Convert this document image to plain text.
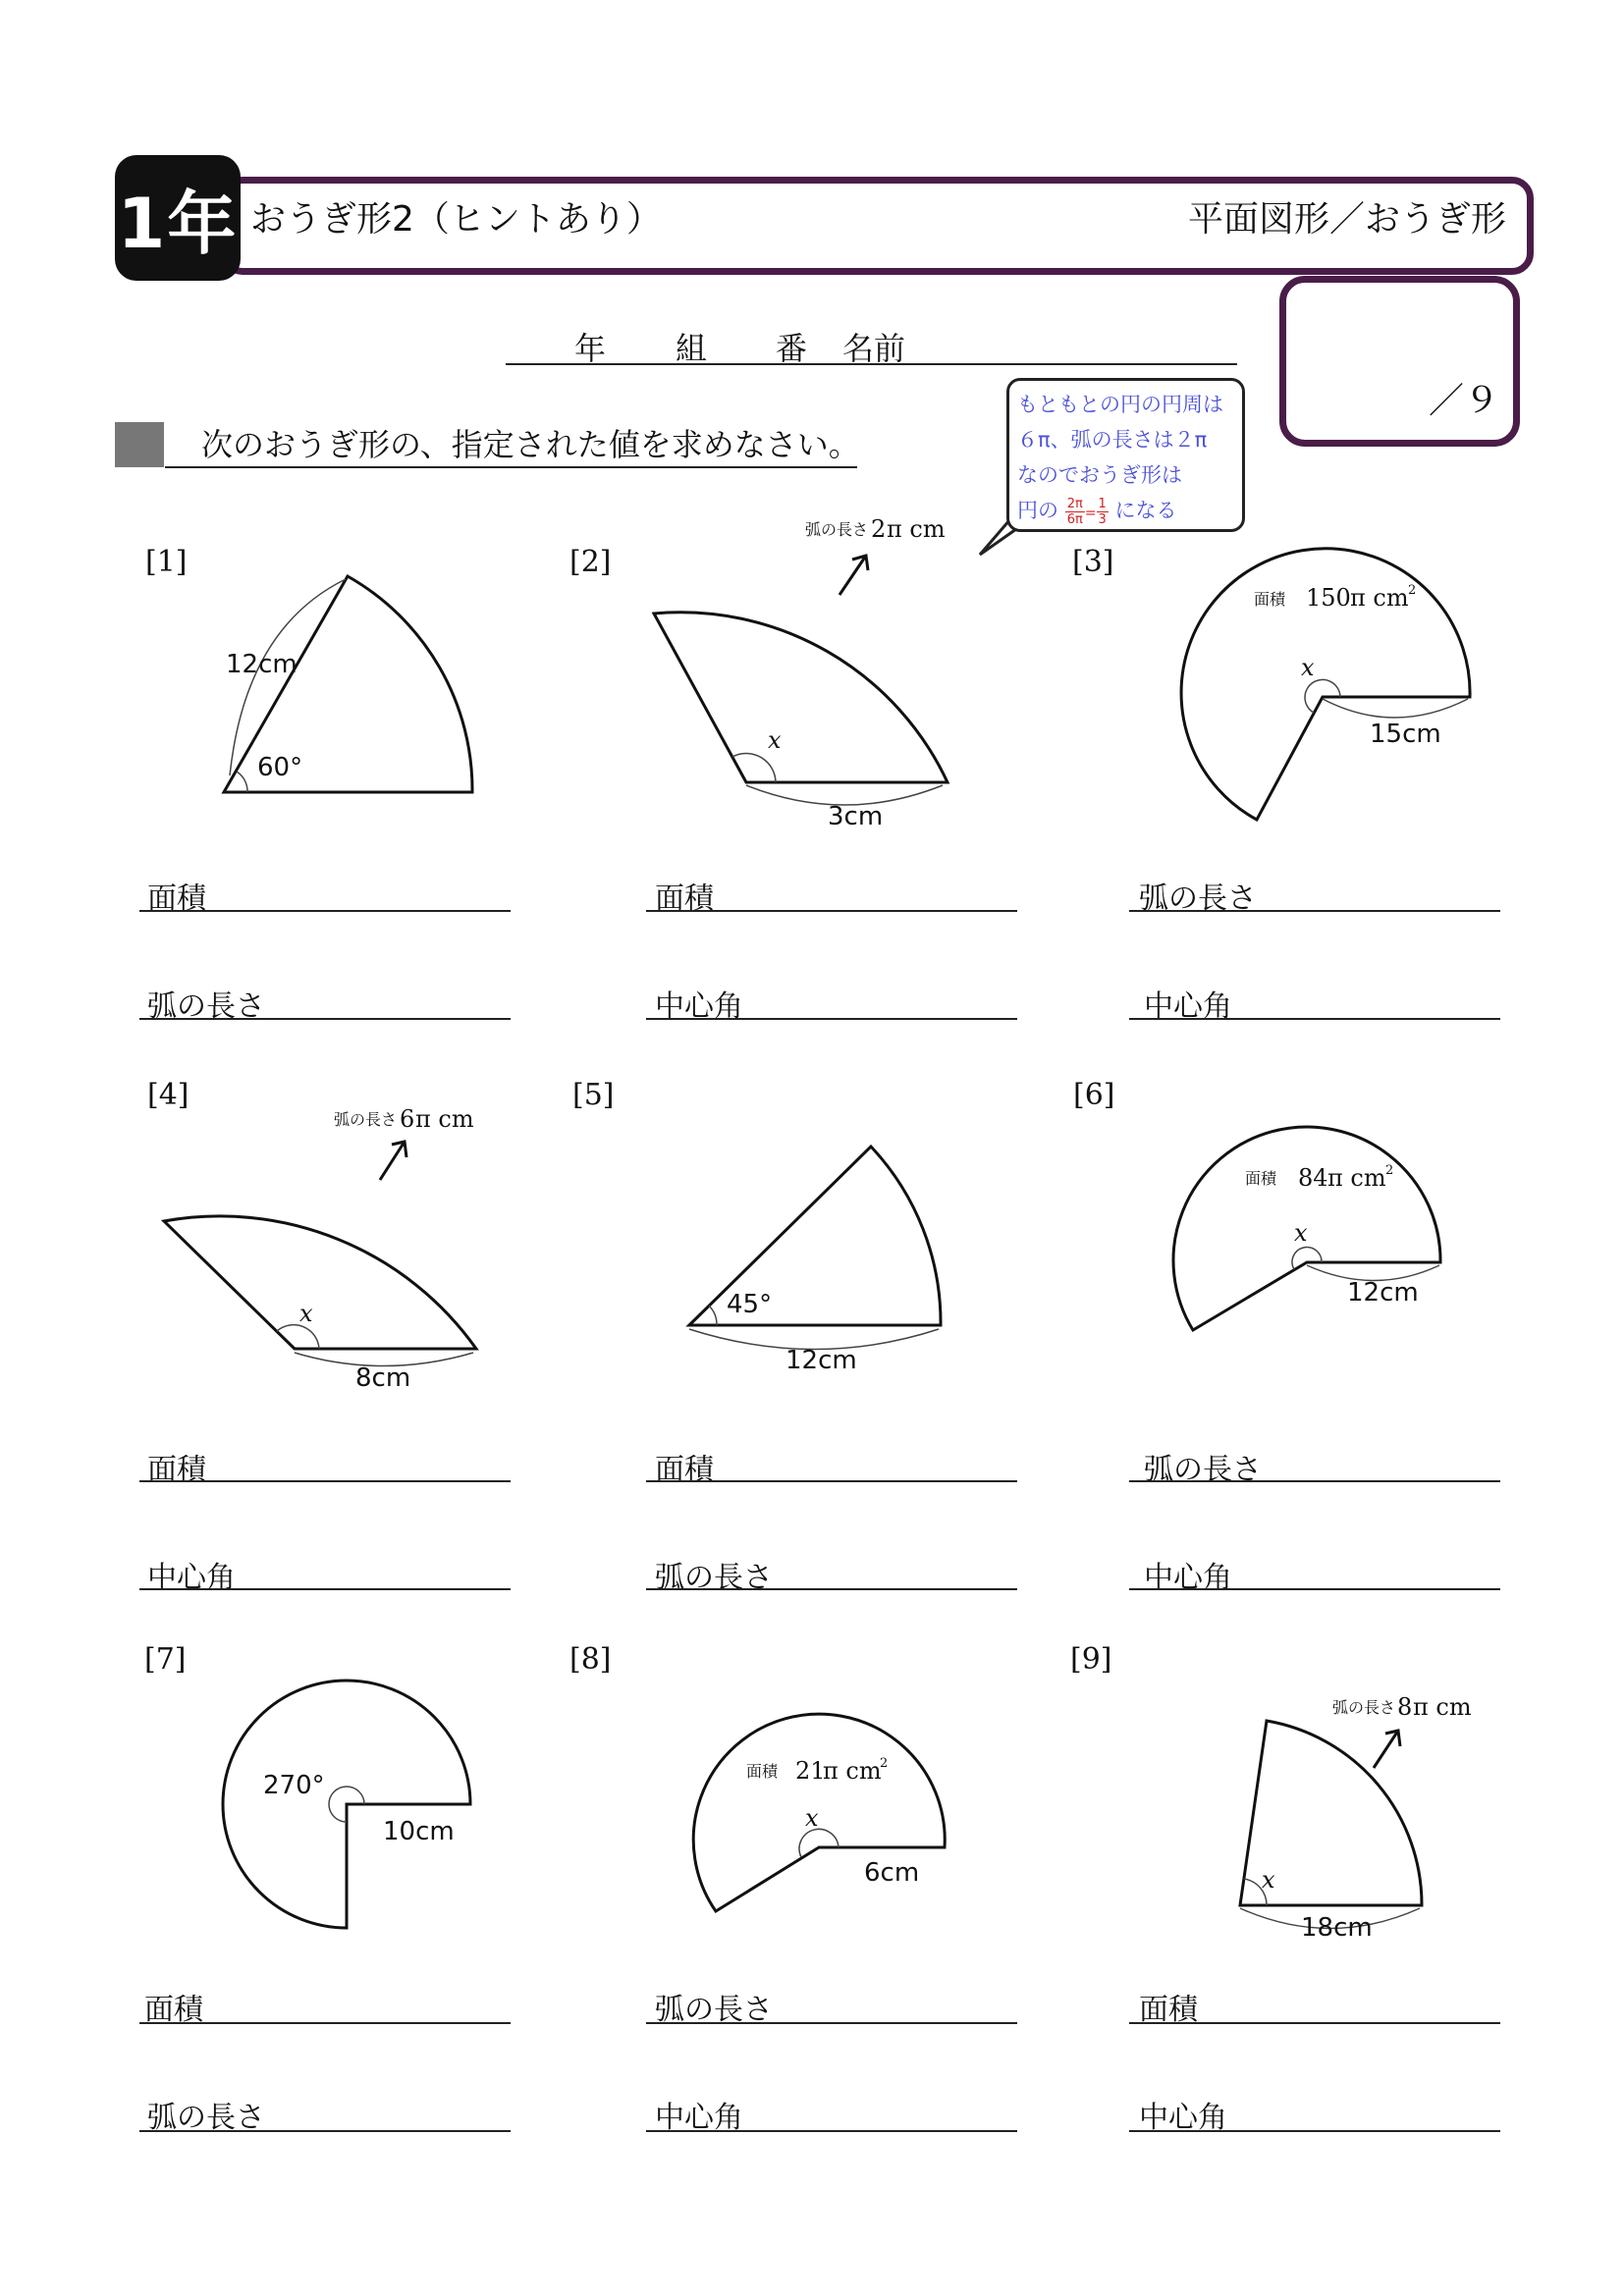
1年 おうぎ形2（ヒントあり）	平面図形／おうぎ形
／９
年 組 番 名前
次のおうぎ形の、指定された値を求めなさい。
もともとの円の円周は
６π、弧の長さは２π
なのでおうぎ形は
円の $\frac{2\pi}{6\pi} = \frac{1}{3}$ になる
[1]	[2]	[3]
[4]	[5]	[6]
[7]	[8]	[9]
12cm
60°
弧の長さ 2 π cm
x
3cm
面積 150 π cm 2
x
15cm
弧の長さ 6 π cm
x
8cm
45°
12cm
面積 84 π cm 2
x
12cm
270°
10cm
面積 21
π cm
2
x
6cm
弧の長さ 8 π cm
x
18cm
面積
弧の長さ
面積
中心角
弧の長さ
中心角
面積
中心角
面積
弧の長さ
弧の長さ
中心角
面積
弧の長さ
弧の長さ
中心角
面積
中心角
